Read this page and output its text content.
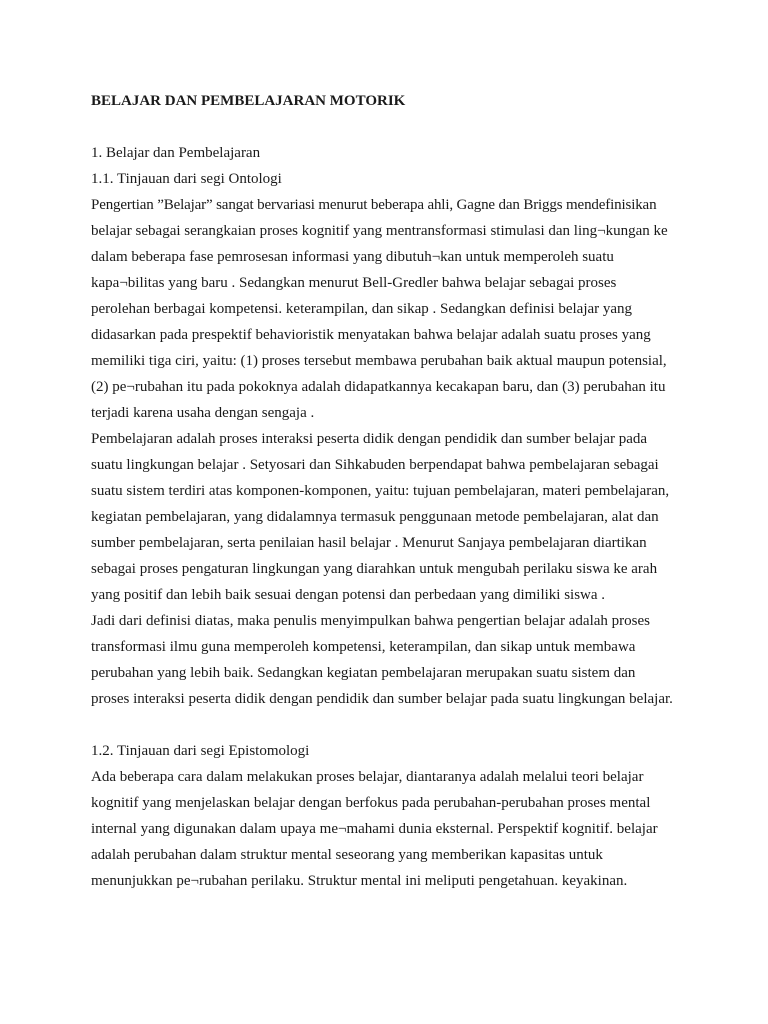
BELAJAR DAN PEMBELAJARAN MOTORIK
1. Belajar dan Pembelajaran
1.1. Tinjauan dari segi Ontologi
Pengertian ”Belajar” sangat bervariasi menurut beberapa ahli, Gagne dan Briggs mendefinisikan
belajar sebagai serangkaian proses kognitif yang mentransformasi stimulasi dan ling¬kungan ke
dalam beberapa fase pemrosesan informasi yang dibutuh¬kan untuk memperoleh suatu
kapa¬bilitas yang baru . Sedangkan menurut Bell-Gredler bahwa belajar sebagai proses
perolehan berbagai kompetensi. keterampilan, dan sikap . Sedangkan definisi belajar yang
didasarkan pada prespektif behavioristik menyatakan bahwa belajar adalah suatu proses yang
memiliki tiga ciri, yaitu: (1) proses tersebut membawa perubahan baik aktual maupun potensial,
(2) pe¬rubahan itu pada pokoknya adalah didapatkannya kecakapan baru, dan (3) perubahan itu
terjadi karena usaha dengan sengaja .
Pembelajaran adalah proses interaksi peserta didik dengan pendidik dan sumber belajar pada
suatu lingkungan belajar . Setyosari dan Sihkabuden berpendapat bahwa pembelajaran sebagai
suatu sistem terdiri atas komponen-komponen, yaitu: tujuan pembelajaran, materi pembelajaran,
kegiatan pembelajaran, yang didalamnya termasuk penggunaan metode pembelajaran, alat dan
sumber pembelajaran, serta penilaian hasil belajar . Menurut Sanjaya pembelajaran diartikan
sebagai proses pengaturan lingkungan yang diarahkan untuk mengubah perilaku siswa ke arah
yang positif dan lebih baik sesuai dengan potensi dan perbedaan yang dimiliki siswa .
Jadi dari definisi diatas, maka penulis menyimpulkan bahwa pengertian belajar adalah proses
transformasi ilmu guna memperoleh kompetensi, keterampilan, dan sikap untuk membawa
perubahan yang lebih baik. Sedangkan kegiatan pembelajaran merupakan suatu sistem dan
proses interaksi peserta didik dengan pendidik dan sumber belajar pada suatu lingkungan belajar.
1.2. Tinjauan dari segi Epistomologi
Ada beberapa cara dalam melakukan proses belajar, diantaranya adalah melalui teori belajar
kognitif yang menjelaskan belajar dengan berfokus pada perubahan-perubahan proses mental
internal yang digunakan dalam upaya me¬mahami dunia eksternal. Perspektif kognitif. belajar
adalah perubahan dalam struktur mental seseorang yang memberikan kapasitas untuk
menunjukkan pe¬rubahan perilaku. Struktur mental ini meliputi pengetahuan. keyakinan.
